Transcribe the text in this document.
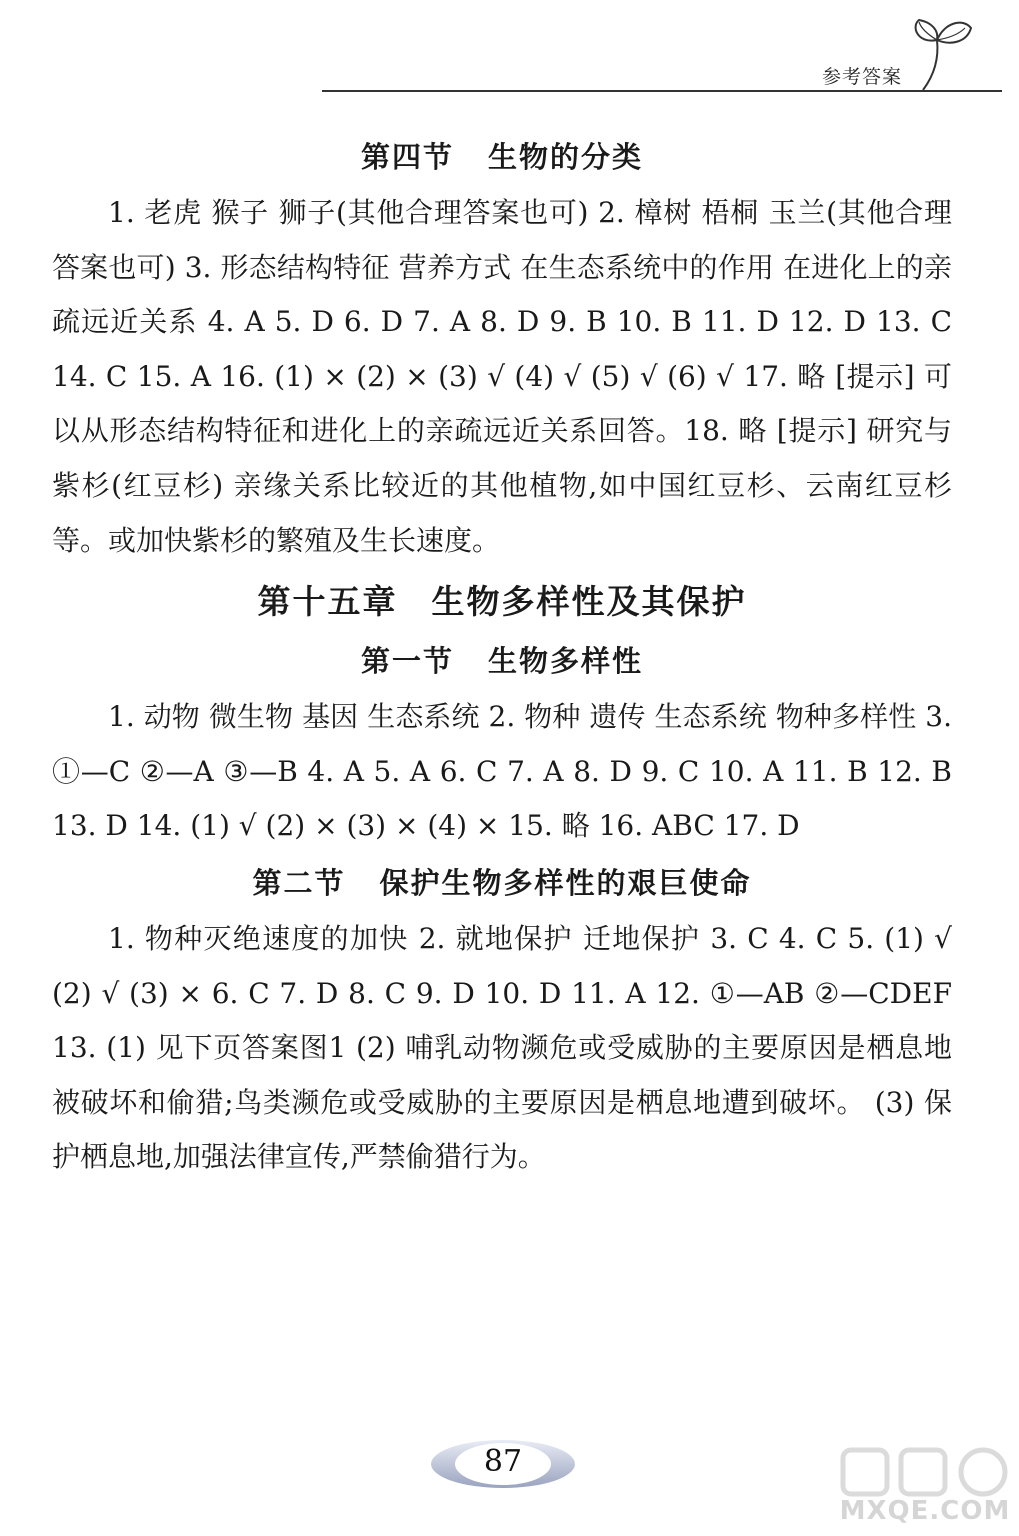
参考答案
第四节 生物的分类

1. 老虎 猴子 狮子(其他合理答案也可) 2. 樟树 梧桐 玉兰(其他合理答案也可) 3. 形态结构特征 营养方式 在生态系统中的作用 在进化上的亲疏远近关系 4. A 5. D 6. D 7. A 8. D 9. B 10. B 11. D 12. D 13. C 14. C 15. A 16. (1) × (2) × (3) √ (4) √ (5) √ (6) √ 17. 略 [提示] 可以从形态结构特征和进化上的亲疏远近关系回答。18. 略 [提示] 研究与紫杉(红豆杉) 亲缘关系比较近的其他植物,如中国红豆杉、云南红豆杉等。或加快紫杉的繁殖及生长速度。

第十五章 生物多样性及其保护
第一节 生物多样性

1. 动物 微生物 基因 生态系统 2. 物种 遗传 生态系统 物种多样性 3. ①—C ②—A ③—B 4. A 5. A 6. C 7. A 8. D 9. C 10. A 11. B 12. B 13. D 14. (1) √ (2) × (3) × (4) × 15. 略 16. ABC 17. D

第二节 保护生物多样性的艰巨使命

1. 物种灭绝速度的加快 2. 就地保护 迁地保护 3. C 4. C 5. (1) √ (2) √ (3) × 6. C 7. D 8. C 9. D 10. D 11. A 12. ①—AB ②—CDEF 13. (1) 见下页答案图1 (2) 哺乳动物濒危或受威胁的主要原因是栖息地被破坏和偷猎;鸟类濒危或受威胁的主要原因是栖息地遭到破坏。 (3) 保护栖息地,加强法律宣传,严禁偷猎行为。

87
MXQE.COM
